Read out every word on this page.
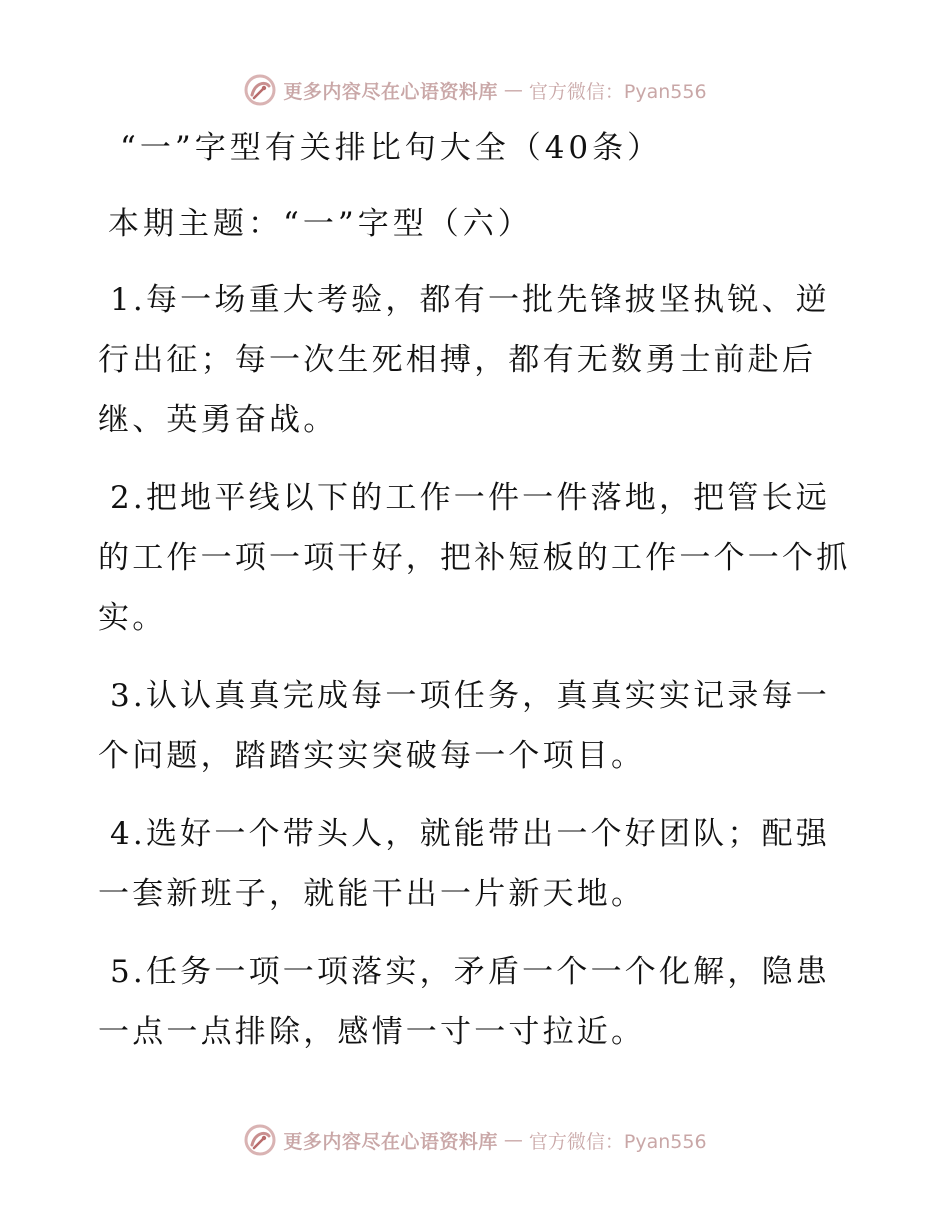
更多内容尽在心语资料库 — 官方微信：Pyan556
“一”字型有关排比句大全（40条）
本期主题：“一”字型（六）

1.每一场重大考验，都有一批先锋披坚执锐、逆行出征；每一次生死相搏，都有无数勇士前赴后继、英勇奋战。

2.把地平线以下的工作一件一件落地，把管长远的工作一项一项干好，把补短板的工作一个一个抓实。

3.认认真真完成每一项任务，真真实实记录每一个问题，踏踏实实突破每一个项目。

4.选好一个带头人，就能带出一个好团队；配强一套新班子，就能干出一片新天地。

5.任务一项一项落实，矛盾一个一个化解，隐患一点一点排除，感情一寸一寸拉近。

更多内容尽在心语资料库 — 官方微信：Pyan556
